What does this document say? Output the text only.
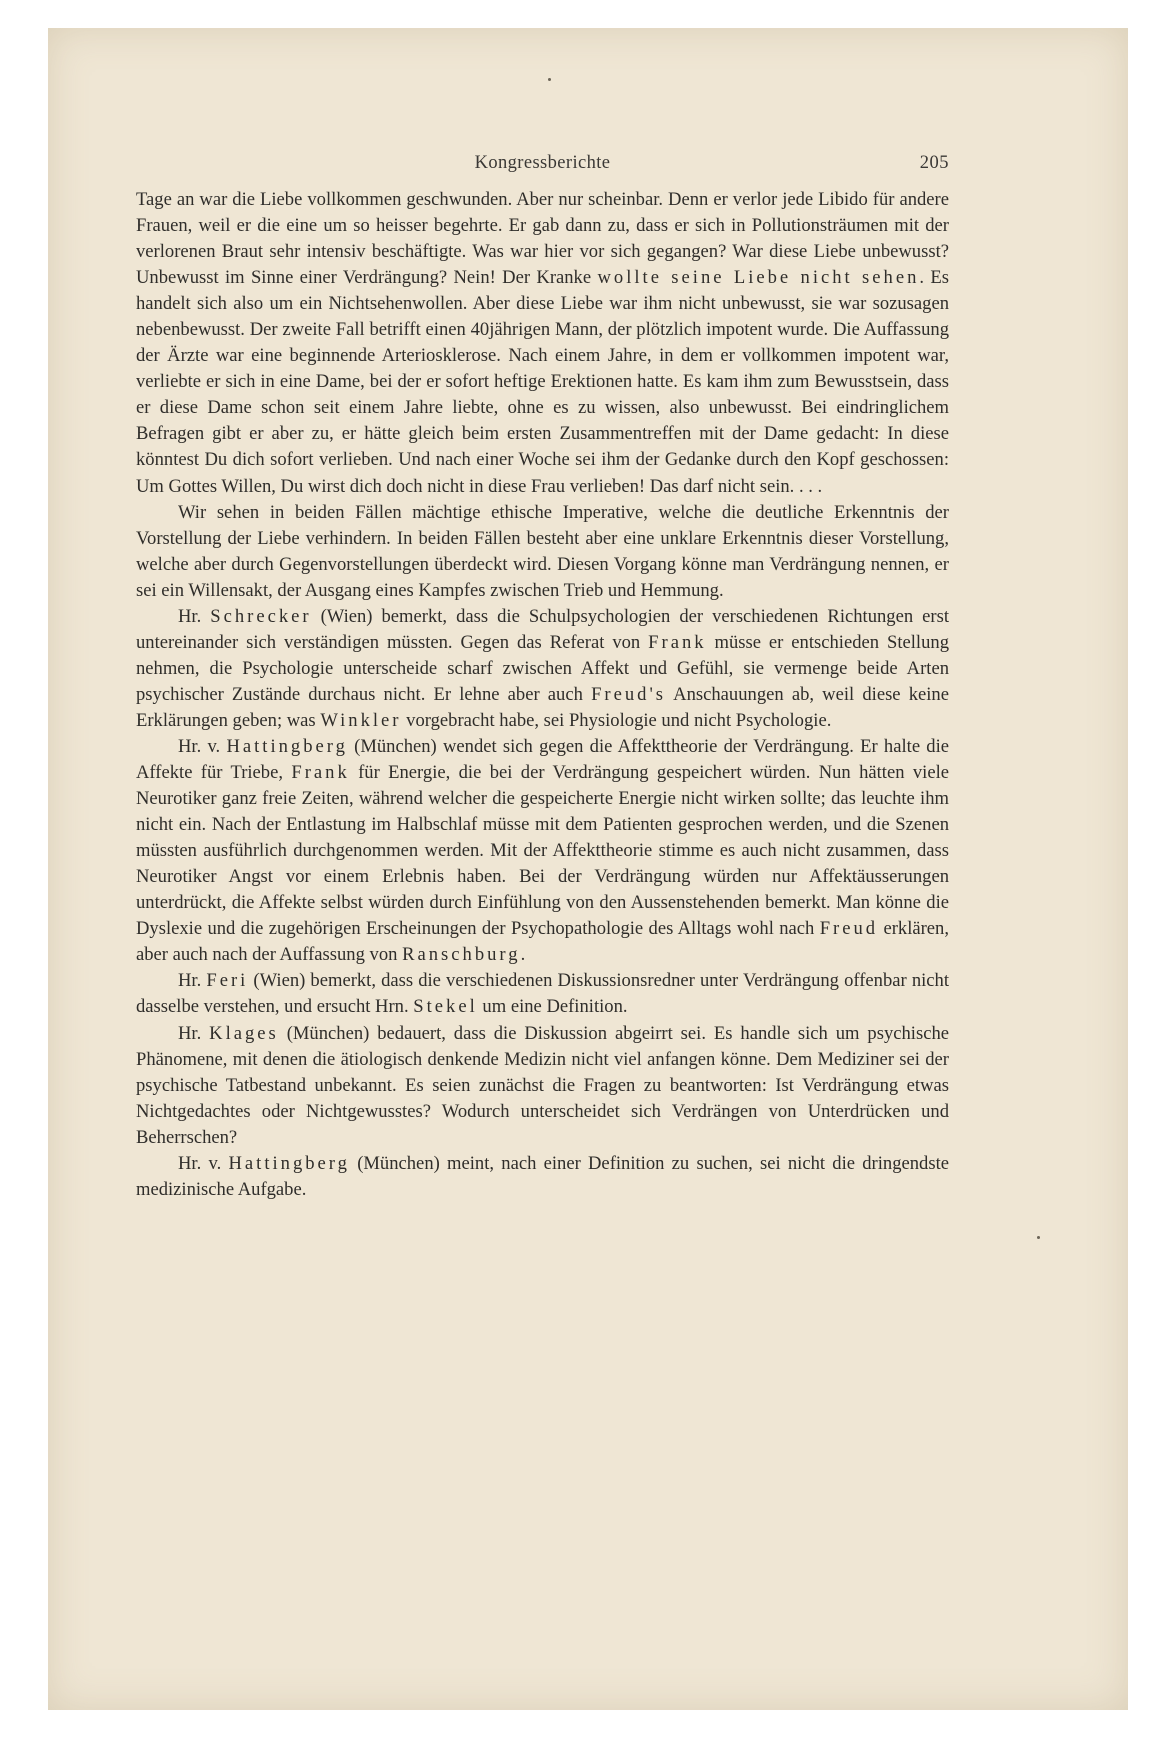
Kongressberichte	205

Tage an war die Liebe vollkommen geschwunden. Aber nur scheinbar. Denn er verlor jede Libido für andere Frauen, weil er die eine um so heisser begehrte. Er gab dann zu, dass er sich in Pollutionsträumen mit der verlorenen Braut sehr intensiv beschäftigte. Was war hier vor sich gegangen? War diese Liebe unbewusst? Unbewusst im Sinne einer Verdrängung? Nein! Der Kranke wollte seine Liebe nicht sehen. Es handelt sich also um ein Nichtsehenwollen. Aber diese Liebe war ihm nicht unbewusst, sie war sozusagen nebenbewusst. Der zweite Fall betrifft einen 40jährigen Mann, der plötzlich impotent wurde. Die Auffassung der Ärzte war eine beginnende Arteriosklerose. Nach einem Jahre, in dem er vollkommen impotent war, verliebte er sich in eine Dame, bei der er sofort heftige Erektionen hatte. Es kam ihm zum Bewusstsein, dass er diese Dame schon seit einem Jahre liebte, ohne es zu wissen, also unbewusst. Bei eindringlichem Befragen gibt er aber zu, er hätte gleich beim ersten Zusammentreffen mit der Dame gedacht: In diese könntest Du dich sofort verlieben. Und nach einer Woche sei ihm der Gedanke durch den Kopf geschossen: Um Gottes Willen, Du wirst dich doch nicht in diese Frau verlieben! Das darf nicht sein. . . .

Wir sehen in beiden Fällen mächtige ethische Imperative, welche die deutliche Erkenntnis der Vorstellung der Liebe verhindern. In beiden Fällen besteht aber eine unklare Erkenntnis dieser Vorstellung, welche aber durch Gegenvorstellungen überdeckt wird. Diesen Vorgang könne man Verdrängung nennen, er sei ein Willensakt, der Ausgang eines Kampfes zwischen Trieb und Hemmung.

Hr. Schrecker (Wien) bemerkt, dass die Schulpsychologien der verschiedenen Richtungen erst untereinander sich verständigen müssten. Gegen das Referat von Frank müsse er entschieden Stellung nehmen, die Psychologie unterscheide scharf zwischen Affekt und Gefühl, sie vermenge beide Arten psychischer Zustände durchaus nicht. Er lehne aber auch Freud's Anschauungen ab, weil diese keine Erklärungen geben; was Winkler vorgebracht habe, sei Physiologie und nicht Psychologie.

Hr. v. Hattingberg (München) wendet sich gegen die Affekttheorie der Verdrängung. Er halte die Affekte für Triebe, Frank für Energie, die bei der Verdrängung gespeichert würden. Nun hätten viele Neurotiker ganz freie Zeiten, während welcher die gespeicherte Energie nicht wirken sollte; das leuchte ihm nicht ein. Nach der Entlastung im Halbschlaf müsse mit dem Patienten gesprochen werden, und die Szenen müssten ausführlich durchgenommen werden. Mit der Affekttheorie stimme es auch nicht zusammen, dass Neurotiker Angst vor einem Erlebnis haben. Bei der Verdrängung würden nur Affektäusserungen unterdrückt, die Affekte selbst würden durch Einfühlung von den Aussenstehenden bemerkt. Man könne die Dyslexie und die zugehörigen Erscheinungen der Psychopathologie des Alltags wohl nach Freud erklären, aber auch nach der Auffassung von Ranschburg.

Hr. Feri (Wien) bemerkt, dass die verschiedenen Diskussionsredner unter Verdrängung offenbar nicht dasselbe verstehen, und ersucht Hrn. Stekel um eine Definition.

Hr. Klages (München) bedauert, dass die Diskussion abgeirrt sei. Es handle sich um psychische Phänomene, mit denen die ätiologisch denkende Medizin nicht viel anfangen könne. Dem Mediziner sei der psychische Tatbestand unbekannt. Es seien zunächst die Fragen zu beantworten: Ist Verdrängung etwas Nichtgedachtes oder Nichtgewusstes? Wodurch unterscheidet sich Verdrängen von Unterdrücken und Beherrschen?

Hr. v. Hattingberg (München) meint, nach einer Definition zu suchen, sei nicht die dringendste medizinische Aufgabe.
